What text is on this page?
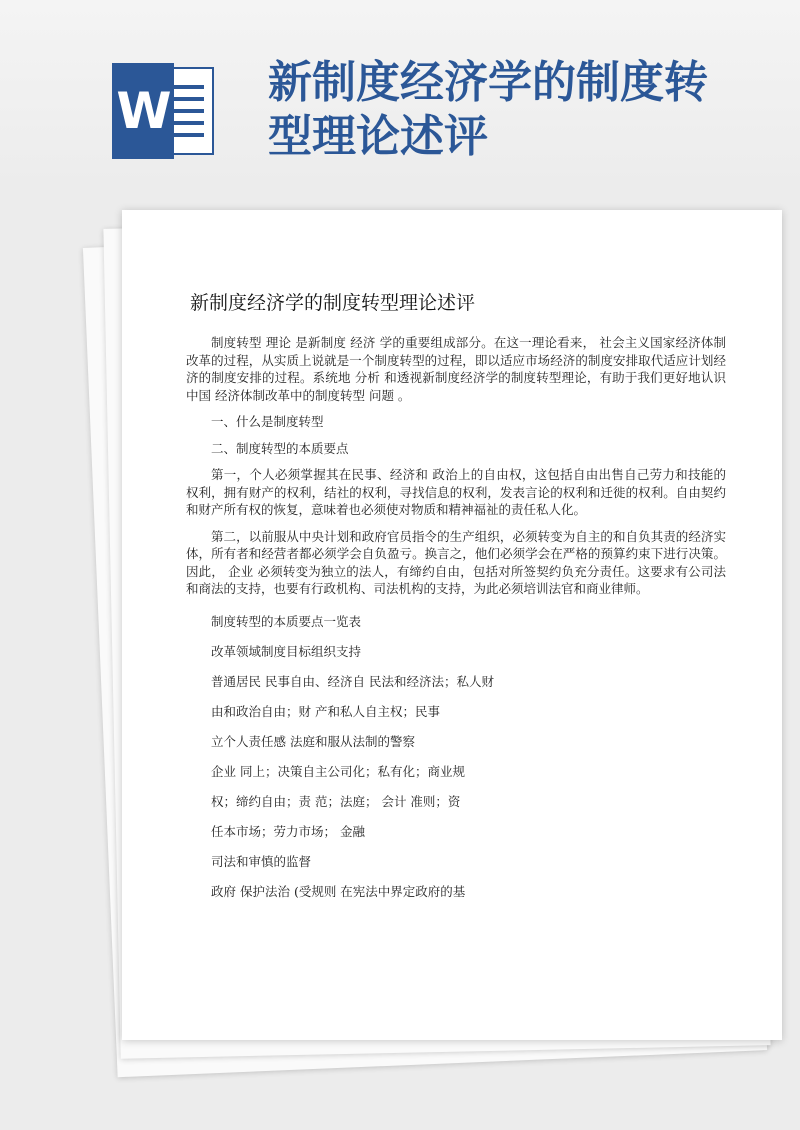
W 新制度经济学的制度转型理论述评
新制度经济学的制度转型理论述评

制度转型 理论 是新制度 经济 学的重要组成部分。在这一理论看来， 社会主义国家经济体制改革的过程，从实质上说就是一个制度转型的过程，即以适应市场经济的制度安排取代适应计划经济的制度安排的过程。系统地 分析 和透视新制度经济学的制度转型理论，有助于我们更好地认识 中国 经济体制改革中的制度转型 问题 。

一、什么是制度转型

二、制度转型的本质要点

第一，个人必须掌握其在民事、经济和 政治上的自由权，这包括自由出售自己劳力和技能的权利，拥有财产的权利，结社的权利，寻找信息的权利，发表言论的权利和迁徙的权利。自由契约和财产所有权的恢复，意味着也必须使对物质和精神福祉的责任私人化。

第二，以前服从中央计划和政府官员指令的生产组织，必须转变为自主的和自负其责的经济实体，所有者和经营者都必须学会自负盈亏。换言之，他们必须学会在严格的预算约束下进行决策。因此， 企业 必须转变为独立的法人，有缔约自由，包括对所签契约负充分责任。这要求有公司法和商法的支持，也要有行政机构、司法机构的支持，为此必须培训法官和商业律师。

制度转型的本质要点一览表

改革领域制度目标组织支持

普通居民 民事自由、经济自 民法和经济法；私人财

由和政治自由；财 产和私人自主权；民事

立个人责任感 法庭和服从法制的警察

企业 同上；决策自主公司化；私有化；商业规

权；缔约自由；责 范；法庭； 会计 准则；资

任本市场；劳力市场； 金融

司法和审慎的监督

政府 保护法治 (受规则 在宪法中界定政府的基
